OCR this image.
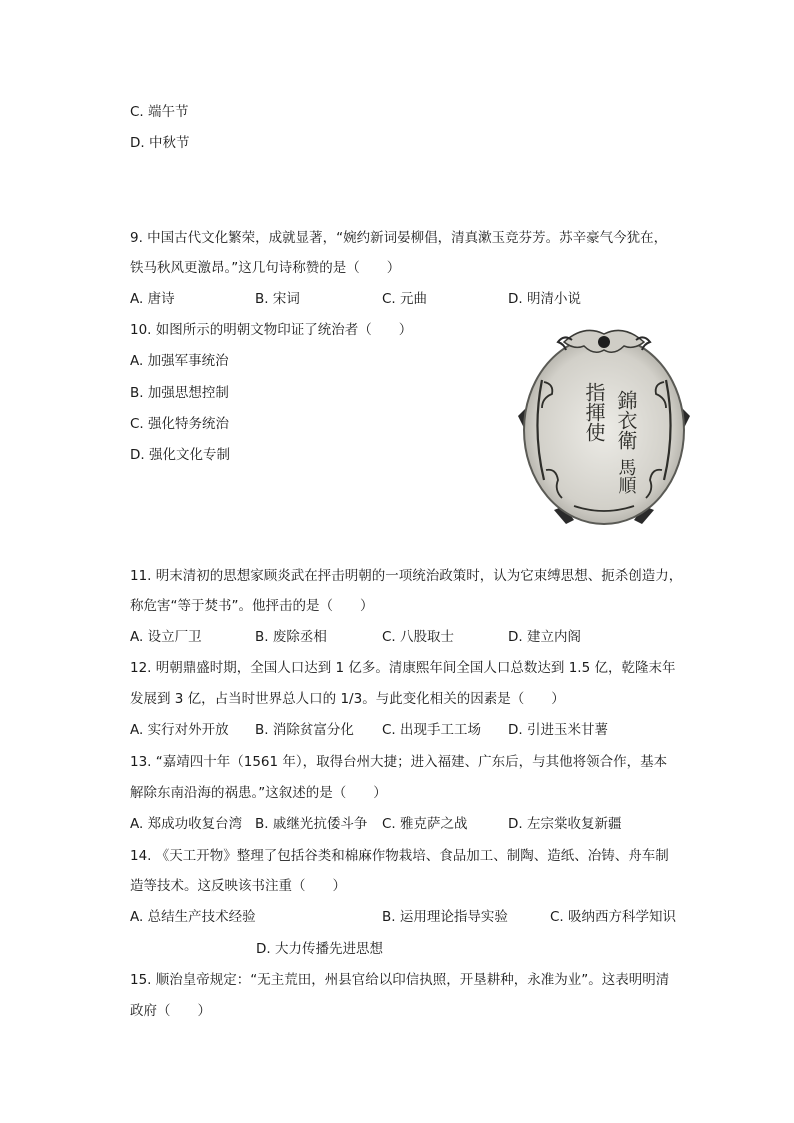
C. 端午节
D. 中秋节
9. 中国古代文化繁荣，成就显著，“婉约新词晏柳倡，清真漱玉竞芬芳。苏辛豪气今犹在，
铁马秋风更激昂。”这几句诗称赞的是（　　）
A. 唐诗	B. 宋词	C. 元曲	D. 明清小说
10. 如图所示的明朝文物印证了统治者（　　）
A. 加强军事统治
B. 加强思想控制
C. 强化特务统治
D. 强化文化专制
錦衣衛
指揮使
馬順
11. 明末清初的思想家顾炎武在抨击明朝的一项统治政策时，认为它束缚思想、扼杀创造力，
称危害“等于焚书”。他抨击的是（　　）
A. 设立厂卫	B. 废除丞相	C. 八股取士	D. 建立内阁
12. 明朝鼎盛时期，全国人口达到 1 亿多。清康熙年间全国人口总数达到 1.5 亿，乾隆末年
发展到 3 亿，占当时世界总人口的 1/3。与此变化相关的因素是（　　）
A. 实行对外开放 B. 消除贫富分化 C. 出现手工工场 D. 引进玉米甘薯
13. “嘉靖四十年（1561 年），取得台州大捷；进入福建、广东后，与其他将领合作，基本
解除东南沿海的祸患。”这叙述的是（　　）
A. 郑成功收复台湾 B. 戚继光抗倭斗争 C. 雅克萨之战	D. 左宗棠收复新疆
14. 《天工开物》整理了包括谷类和棉麻作物栽培、食品加工、制陶、造纸、冶铸、舟车制
造等技术。这反映该书注重（　　）
A. 总结生产技术经验	B. 运用理论指导实验	C. 吸纳西方科学知识
D. 大力传播先进思想
15. 顺治皇帝规定：“无主荒田，州县官给以印信执照，开垦耕种，永准为业”。这表明明清
政府（　　）
